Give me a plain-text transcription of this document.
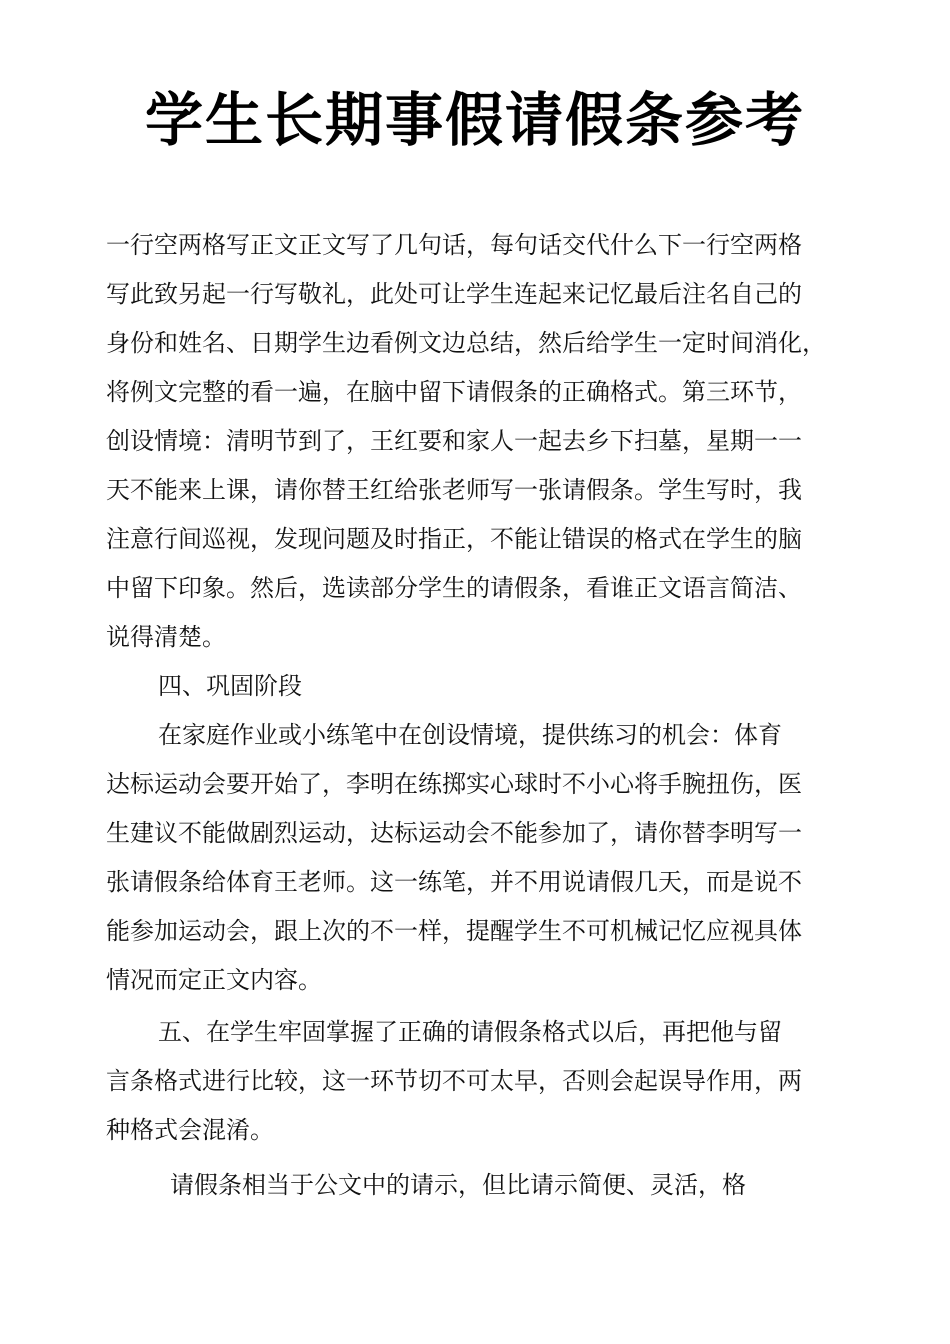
学生长期事假请假条参考
一行空两格写正文正文写了几句话，每句话交代什么下一行空两格
写此致另起一行写敬礼，此处可让学生连起来记忆最后注名自己的
身份和姓名、日期学生边看例文边总结，然后给学生一定时间消化，
将例文完整的看一遍，在脑中留下请假条的正确格式。第三环节，
创设情境：清明节到了，王红要和家人一起去乡下扫墓，星期一一
天不能来上课，请你替王红给张老师写一张请假条。学生写时，我
注意行间巡视，发现问题及时指正，不能让错误的格式在学生的脑
中留下印象。然后，选读部分学生的请假条，看谁正文语言简洁、
说得清楚。
四、巩固阶段
在家庭作业或小练笔中在创设情境，提供练习的机会：体育
达标运动会要开始了，李明在练掷实心球时不小心将手腕扭伤，医
生建议不能做剧烈运动，达标运动会不能参加了，请你替李明写一
张请假条给体育王老师。这一练笔，并不用说请假几天，而是说不
能参加运动会，跟上次的不一样，提醒学生不可机械记忆应视具体
情况而定正文内容。
五、在学生牢固掌握了正确的请假条格式以后，再把他与留
言条格式进行比较，这一环节切不可太早，否则会起误导作用，两
种格式会混淆。
请假条相当于公文中的请示，但比请示简便、灵活，格
